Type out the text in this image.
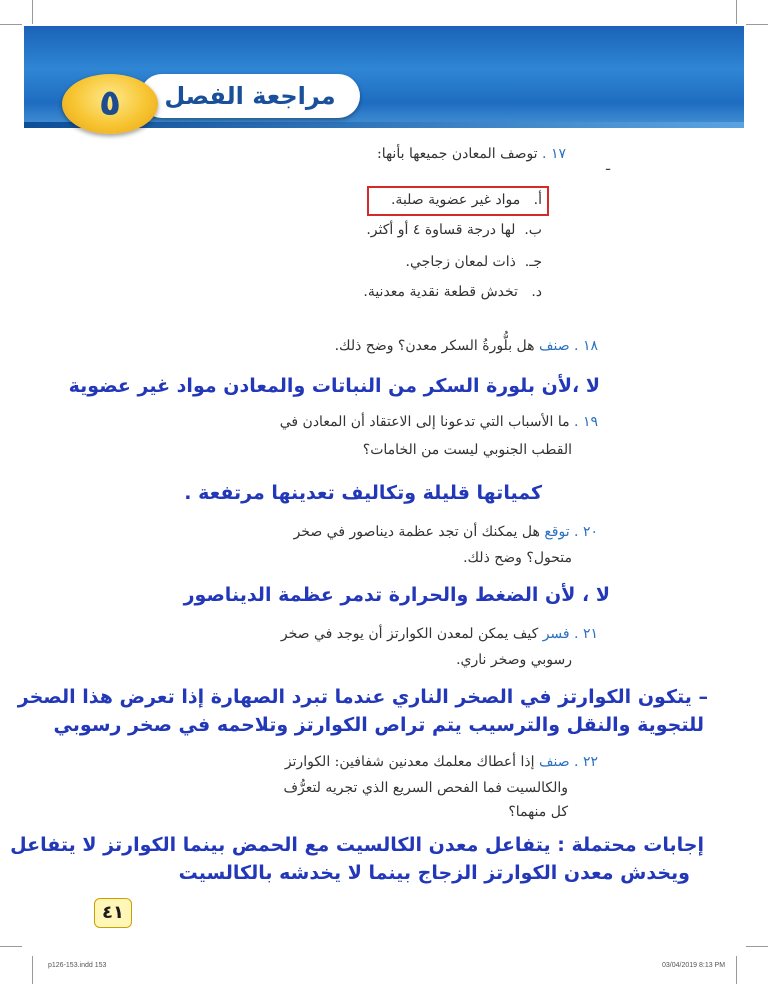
مراجعة الفصل
٥
١٧ . توصف المعادن جميعها بأنها:
ـ
أ.   مواد غير عضوية صلبة.
ب.  لها درجة قساوة ٤ أو أكثر.
جـ.  ذات لمعان زجاجي.
د.   تخدش قطعة نقدية معدنية.
١٨ . صنف هل بلُّورةُ السكر معدن؟ وضح ذلك.
لا ،لأن بلورة السكر من النباتات والمعادن مواد غير عضوية
١٩ . ما الأسباب التي تدعونا إلى الاعتقاد أن المعادن في
القطب الجنوبي ليست من الخامات؟
كمياتها قليلة وتكاليف تعدينها مرتفعة .
٢٠ . توقع هل يمكنك أن تجد عظمة ديناصور في صخر
متحول؟ وضح ذلك.
لا ، لأن الضغط والحرارة تدمر عظمة الديناصور
٢١ . فسر كيف يمكن لمعدن الكوارتز أن يوجد في صخر
رسوبي وصخر ناري.
– يتكون الكوارتز في الصخر الناري عندما تبرد الصهارة إذا تعرض هذا الصخر
للتجوية والنقل والترسيب يتم تراص الكوارتز وتلاحمه في صخر رسوبي
٢٢ . صنف إذا أعطاك معلمك معدنين شفافين: الكوارتز
والكالسيت فما الفحص السريع الذي تجريه لتعرُّف
كل منهما؟
إجابات محتملة : يتفاعل معدن الكالسيت مع الحمض بينما الكوارتز لا يتفاعل
ويخدش معدن الكوارتز الزجاج بينما لا يخدشه بالكالسيت
٤١
p126-153.indd 153	03/04/2019 8:13 PM
